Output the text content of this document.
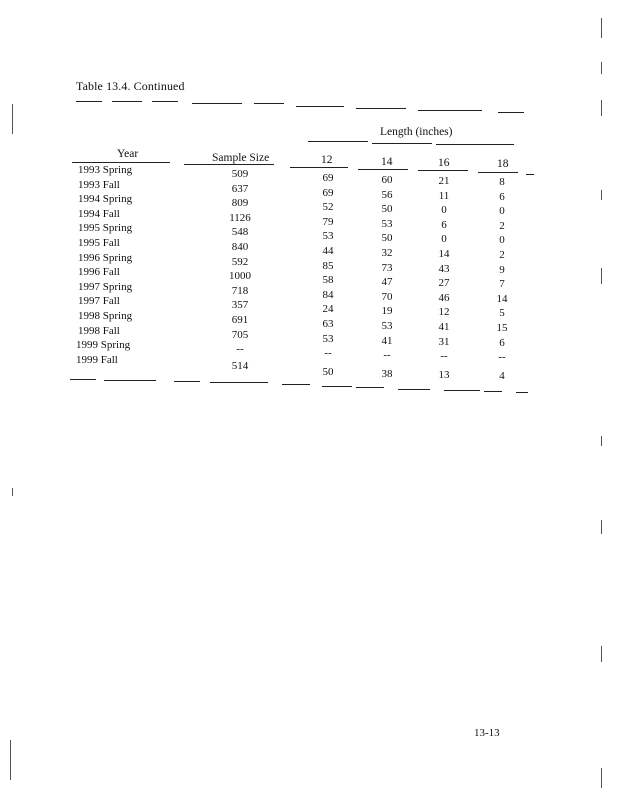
Table 13.4. Continued
Length (inches)
Year	Sample Size	12	14	16	18
1993 Spring	509	69	60	21	8
1993 Fall	637	69	56	11	6
1994 Spring	809	52	50	0	0
1994 Fall	1126	79	53	6	2
1995 Spring	548	53	50	0	0
1995 Fall	840	44	32	14	2
1996 Spring	592	85	73	43	9
1996 Fall	1000	58	47	27	7
1997 Spring	718	84	70	46	14
1997 Fall	357	24	19	12	5
1998 Spring	691	63	53	41	15
1998 Fall	705	53	41	31	6
1999 Spring	--	--	--	--	--
1999 Fall	514	50	38	13	4
13-13
